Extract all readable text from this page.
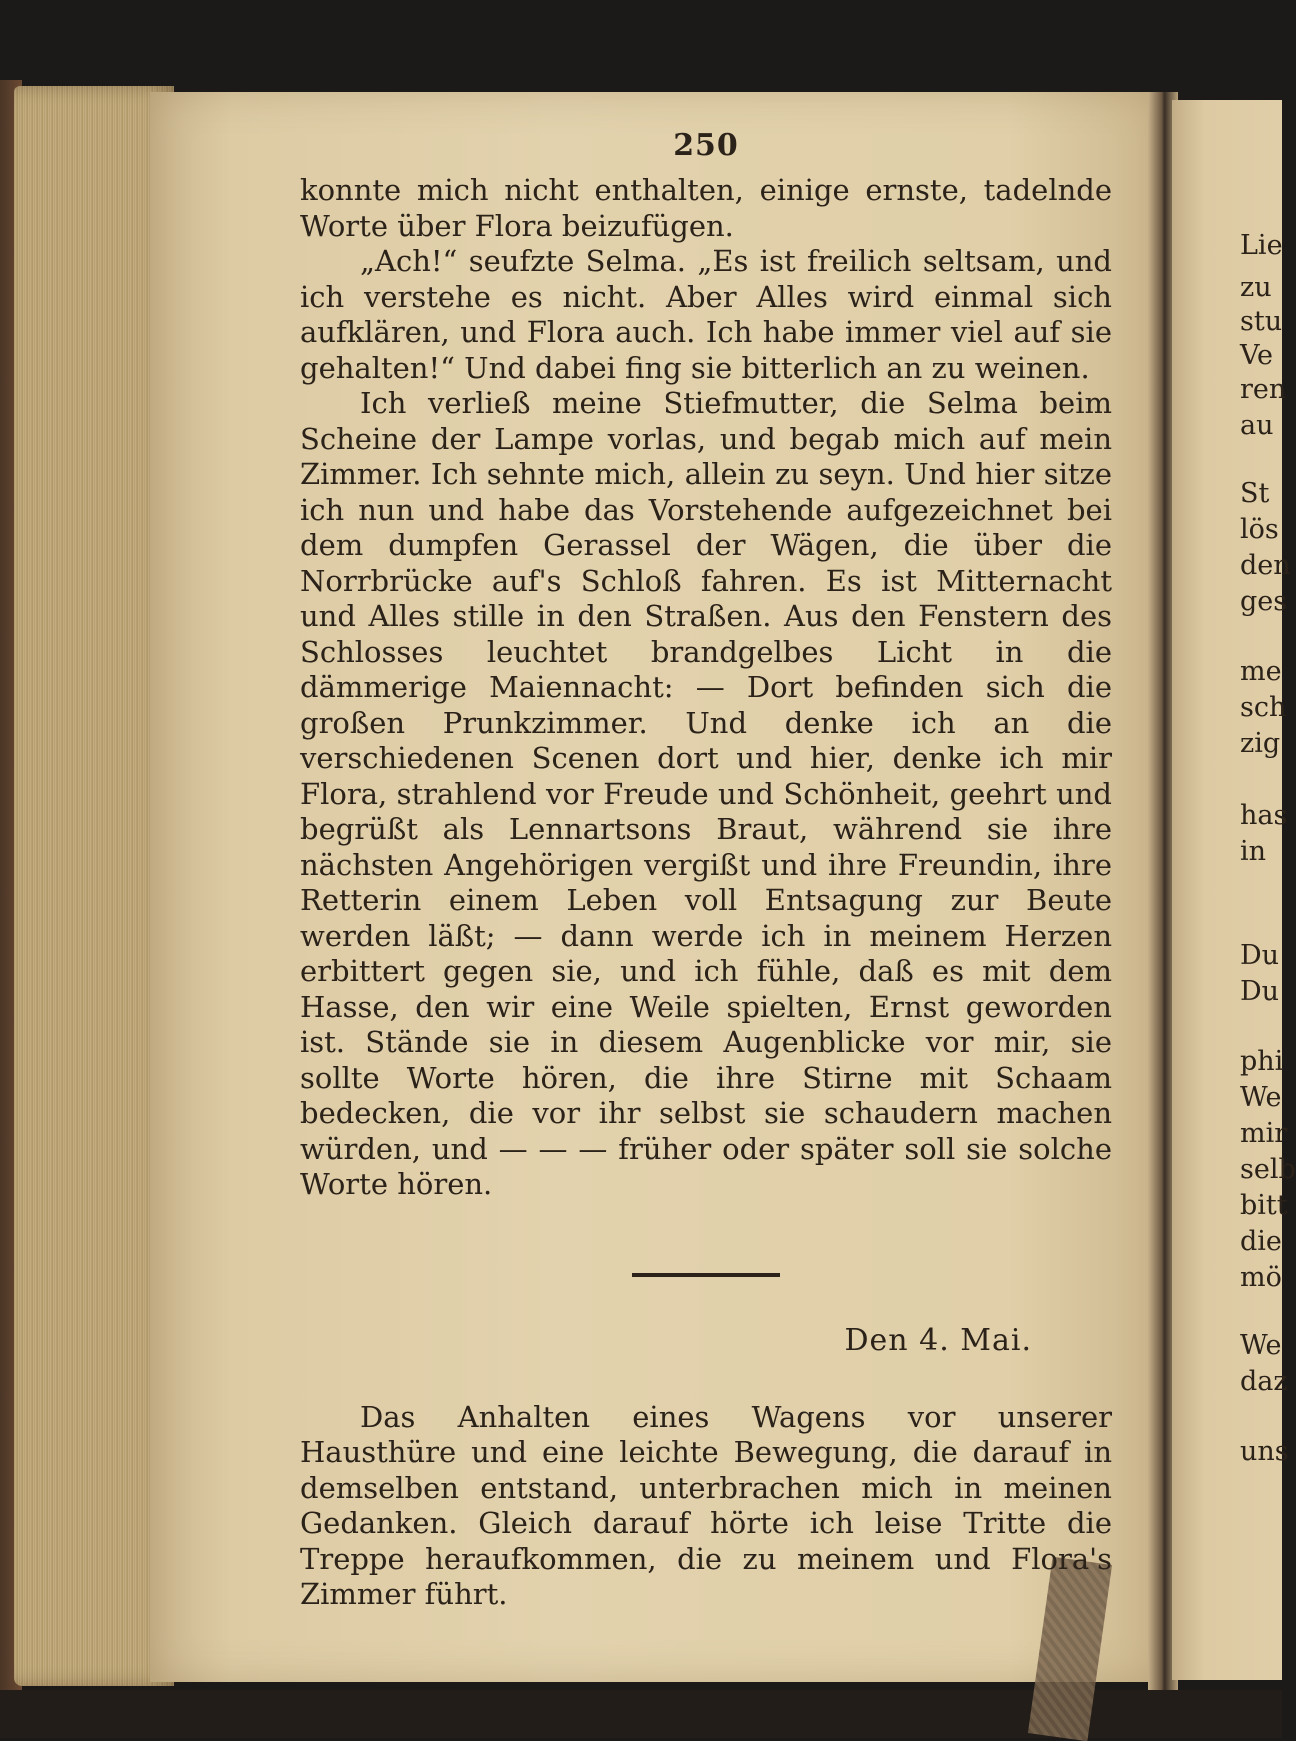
250

konnte mich nicht enthalten, einige ernste, tadelnde Worte über Flora beizufügen.

„Ach!“ seufzte Selma. „Es ist freilich seltsam, und ich verstehe es nicht. Aber Alles wird einmal sich aufklären, und Flora auch. Ich habe immer viel auf sie gehalten!“ Und dabei fing sie bitterlich an zu weinen.

Ich verließ meine Stiefmutter, die Selma beim Scheine der Lampe vorlas, und begab mich auf mein Zimmer. Ich sehnte mich, allein zu seyn. Und hier sitze ich nun und habe das Vorstehende aufgezeichnet bei dem dumpfen Gerassel der Wägen, die über die Norrbrücke auf's Schloß fahren. Es ist Mitternacht und Alles stille in den Straßen. Aus den Fenstern des Schlosses leuchtet brandgelbes Licht in die dämmerige Maiennacht: — Dort befinden sich die großen Prunkzimmer. Und denke ich an die verschiedenen Scenen dort und hier, denke ich mir Flora, strahlend vor Freude und Schönheit, geehrt und begrüßt als Lennartsons Braut, während sie ihre nächsten Angehörigen vergißt und ihre Freundin, ihre Retterin einem Leben voll Entsagung zur Beute werden läßt; — dann werde ich in meinem Herzen erbittert gegen sie, und ich fühle, daß es mit dem Hasse, den wir eine Weile spielten, Ernst geworden ist. Stände sie in diesem Augenblicke vor mir, sie sollte Worte hören, die ihre Stirne mit Schaam bedecken, die vor ihr selbst sie schaudern machen würden, und — — — früher oder später soll sie solche Worte hören.

Den 4. Mai.

Das Anhalten eines Wagens vor unserer Hausthüre und eine leichte Bewegung, die darauf in demselben entstand, unterbrachen mich in meinen Gedanken. Gleich darauf hörte ich leise Tritte die Treppe heraufkommen, die zu meinem und Flora's Zimmer führt.

Lie
zu
stu
Ve
ren
au
St
lös
den
ges
me
sch
zig
has
in
Du
Du
phi
We
mir
selb
bitt
die
mö
We
daz
uns
